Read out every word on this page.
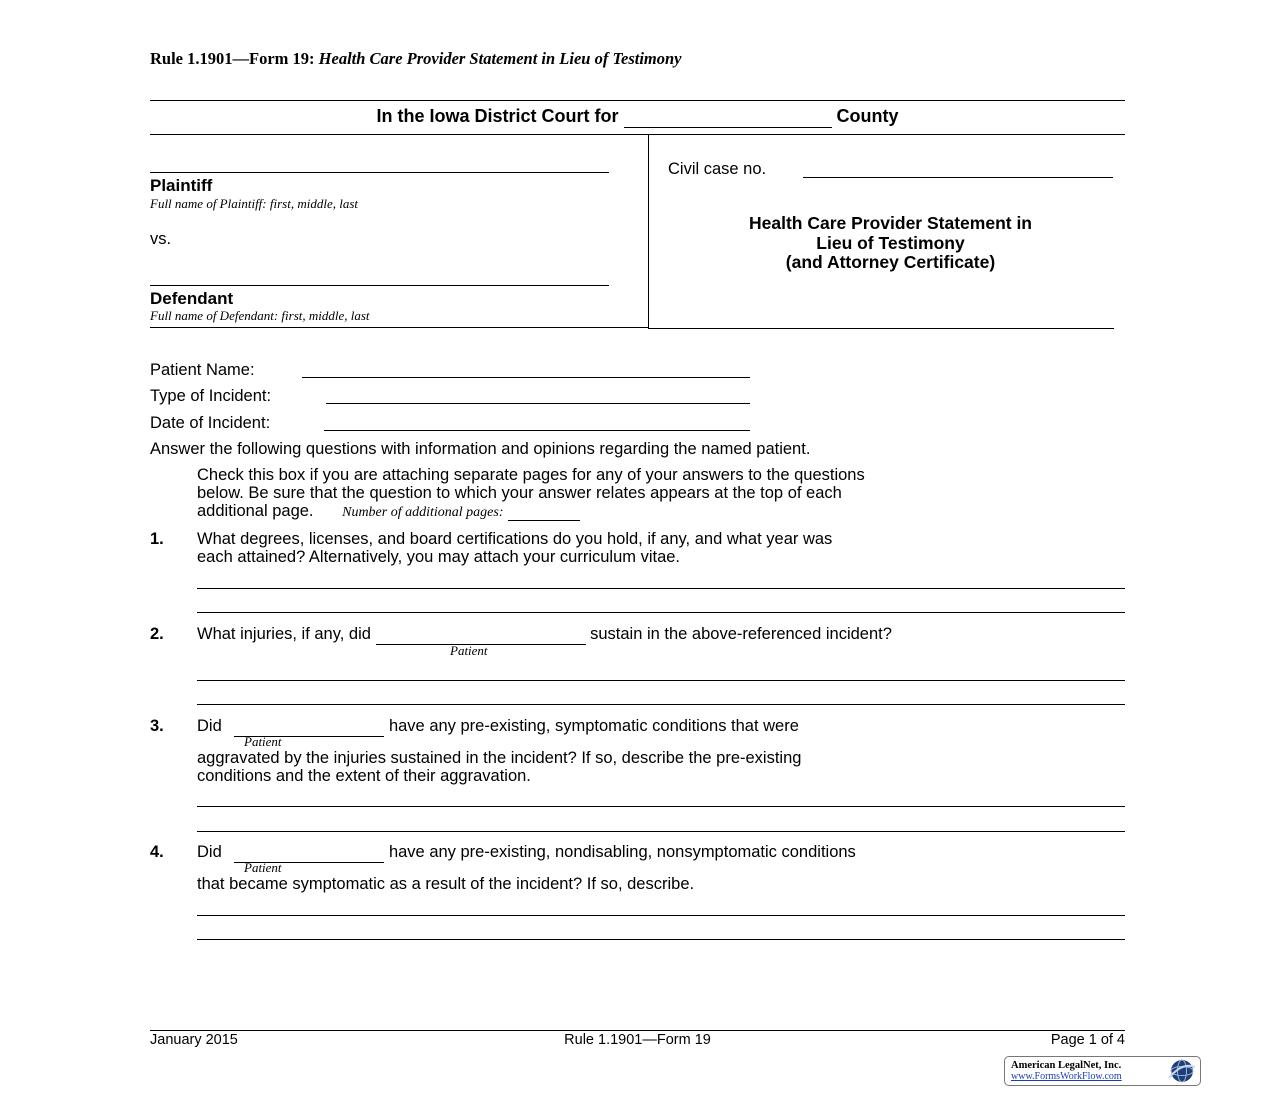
Rule 1.1901—Form 19: Health Care Provider Statement in Lieu of Testimony
In the Iowa District Court for	County
Plaintiff
Full name of Plaintiff: first, middle, last
vs.
Defendant
Full name of Defendant: first, middle, last
Civil case no.
Health Care Provider Statement in
Lieu of Testimony
(and Attorney Certificate)
Patient Name:
Type of Incident:
Date of Incident:
Answer the following questions with information and opinions regarding the named patient.
Check this box if you are attaching separate pages for any of your answers to the questions
below. Be sure that the question to which your answer relates appears at the top of each
additional page. Number of additional pages:
1. What degrees, licenses, and board certifications do you hold, if any, and what year was
each attained? Alternatively, you may attach your curriculum vitae.
2. What injuries, if any, did	sustain in the above-referenced incident?
Patient
3. Did	have any pre-existing, symptomatic conditions that were
Patient
aggravated by the injuries sustained in the incident? If so, describe the pre-existing
conditions and the extent of their aggravation.
4. Did	have any pre-existing, nondisabling, nonsymptomatic conditions
Patient
that became symptomatic as a result of the incident? If so, describe.
January 2015	Rule 1.1901—Form 19	Page 1 of 4
American LegalNet, Inc.
www.FormsWorkFlow.com
